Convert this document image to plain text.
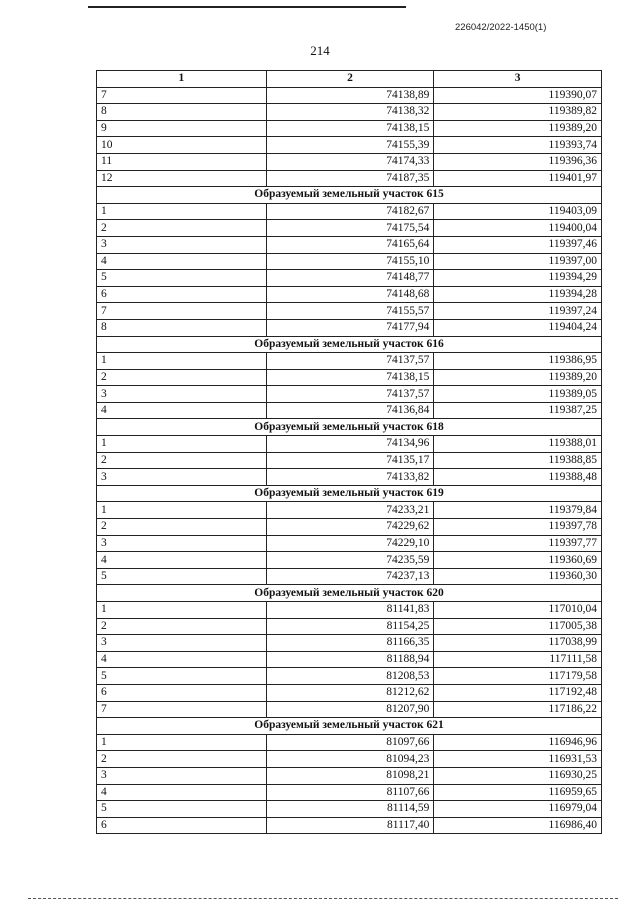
226042/2022-1450(1)
214
1	2	3
7	74138,89	119390,07
8	74138,32	119389,82
9	74138,15	119389,20
10	74155,39	119393,74
11	74174,33	119396,36
12	74187,35	119401,97
Образуемый земельный участок 615		
1	74182,67	119403,09
2	74175,54	119400,04
3	74165,64	119397,46
4	74155,10	119397,00
5	74148,77	119394,29
6	74148,68	119394,28
7	74155,57	119397,24
8	74177,94	119404,24
Образуемый земельный участок 616		
1	74137,57	119386,95
2	74138,15	119389,20
3	74137,57	119389,05
4	74136,84	119387,25
Образуемый земельный участок 618		
1	74134,96	119388,01
2	74135,17	119388,85
3	74133,82	119388,48
Образуемый земельный участок 619		
1	74233,21	119379,84
2	74229,62	119397,78
3	74229,10	119397,77
4	74235,59	119360,69
5	74237,13	119360,30
Образуемый земельный участок 620		
1	81141,83	117010,04
2	81154,25	117005,38
3	81166,35	117038,99
4	81188,94	117111,58
5	81208,53	117179,58
6	81212,62	117192,48
7	81207,90	117186,22
Образуемый земельный участок 621		
1	81097,66	116946,96
2	81094,23	116931,53
3	81098,21	116930,25
4	81107,66	116959,65
5	81114,59	116979,04
6	81117,40	116986,40
